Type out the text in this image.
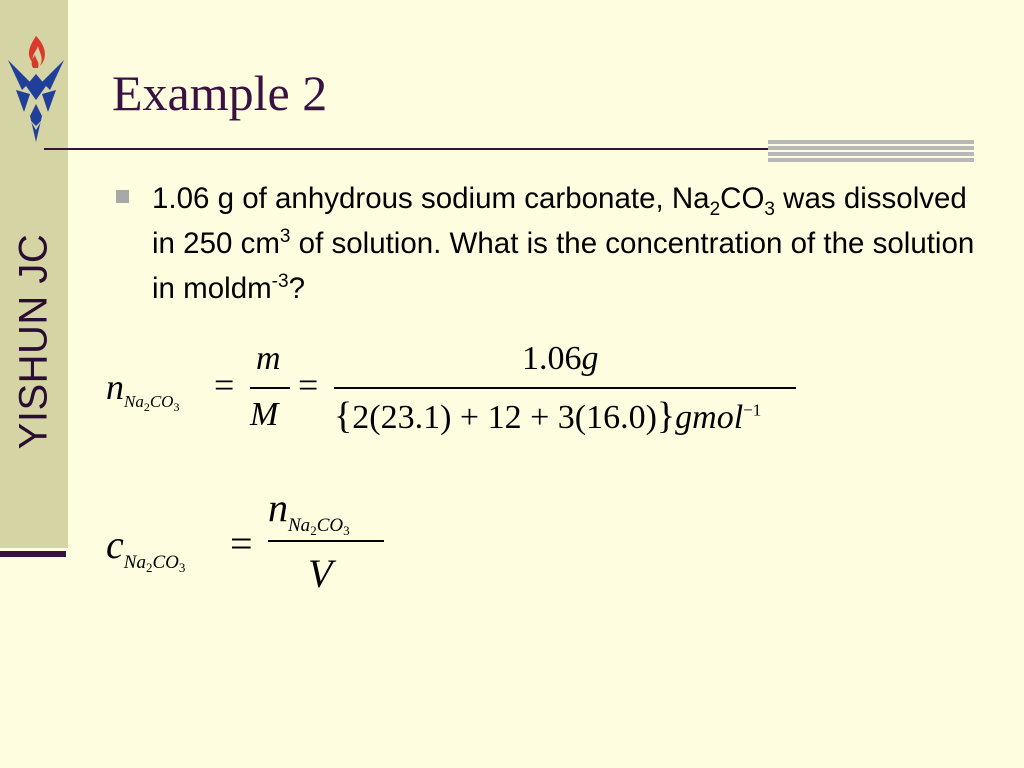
YISHUN JC
Example 2

1.06 g of anhydrous sodium carbonate, $Na_2CO_3$ was dissolved in 250 $cm^3$ of solution. What is the concentration of the solution in moldm$^{-3}$?

$nNa_2CO_3$
=
m
M
=
1.06g
{2(23.1) + 12 + 3(16.0)}gmol$^{-1}$
$cNa_2CO_3$
=
$nNa_2CO_3$
V
